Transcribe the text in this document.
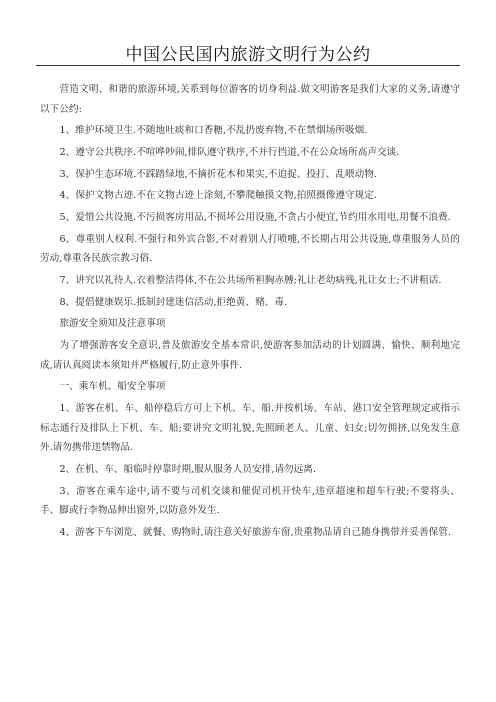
中国公民国内旅游文明行为公约

营造文明、和谐的旅游环境,关系到每位游客的切身利益.做文明游客是我们大家的义务,请遵守以下公约:

1、维护环境卫生.不随地吐痰和口香糖,不乱扔废弃物,不在禁烟场所吸烟.

2、遵守公共秩序.不喧哗吵闹,排队遵守秩序,不并行挡道,不在公众场所高声交谈.

3、保护生态环境.不踩踏绿地,不摘折花木和果实,不追捉、投打、乱喂动物.

4、保护文物古迹.不在文物古迹上涂刻,不攀爬触摸文物,拍照摄像遵守规定.

5、爱惜公共设施.不污损客房用品,不损坏公用设施,不贪占小便宜,节约用水用电,用餐不浪费.

6、尊重别人权利.不强行和外宾合影,不对着别人打喷嚏,不长期占用公共设施,尊重服务人员的劳动,尊重各民族宗教习俗.

7、讲究以礼待人.衣着整洁得体,不在公共场所袒胸赤膊;礼让老幼病残,礼让女士;不讲粗话.

8、提倡健康娱乐.抵制封建迷信活动,拒绝黄、赌、毒.

旅游安全须知及注意事项

为了增强游客安全意识,普及旅游安全基本常识,使游客参加活动的计划圆满、愉快、顺利地完成,请认真阅读本须知并严格履行,防止意外事件.

一、乘车机、船安全事项

1、游客在机、车、船停稳后方可上下机、车、船.并按机场、车站、港口安全管理规定或指示标志通行及排队上下机、车、船;要讲究文明礼貌,先照顾老人、儿童、妇女;切勿拥挤,以免发生意外.请勿携带违禁物品.

2、在机、车、船临时停靠时期,服从服务人员安排,请勿远离.

3、游客在乘车途中,请不要与司机交谈和催促司机开快车,违章超速和超车行驶;不要将头、手、脚或行李物品伸出窗外,以防意外发生.

4、游客下车浏览、就餐、购物时,请注意关好旅游车窗,贵重物品请自己随身携带并妥善保管.
